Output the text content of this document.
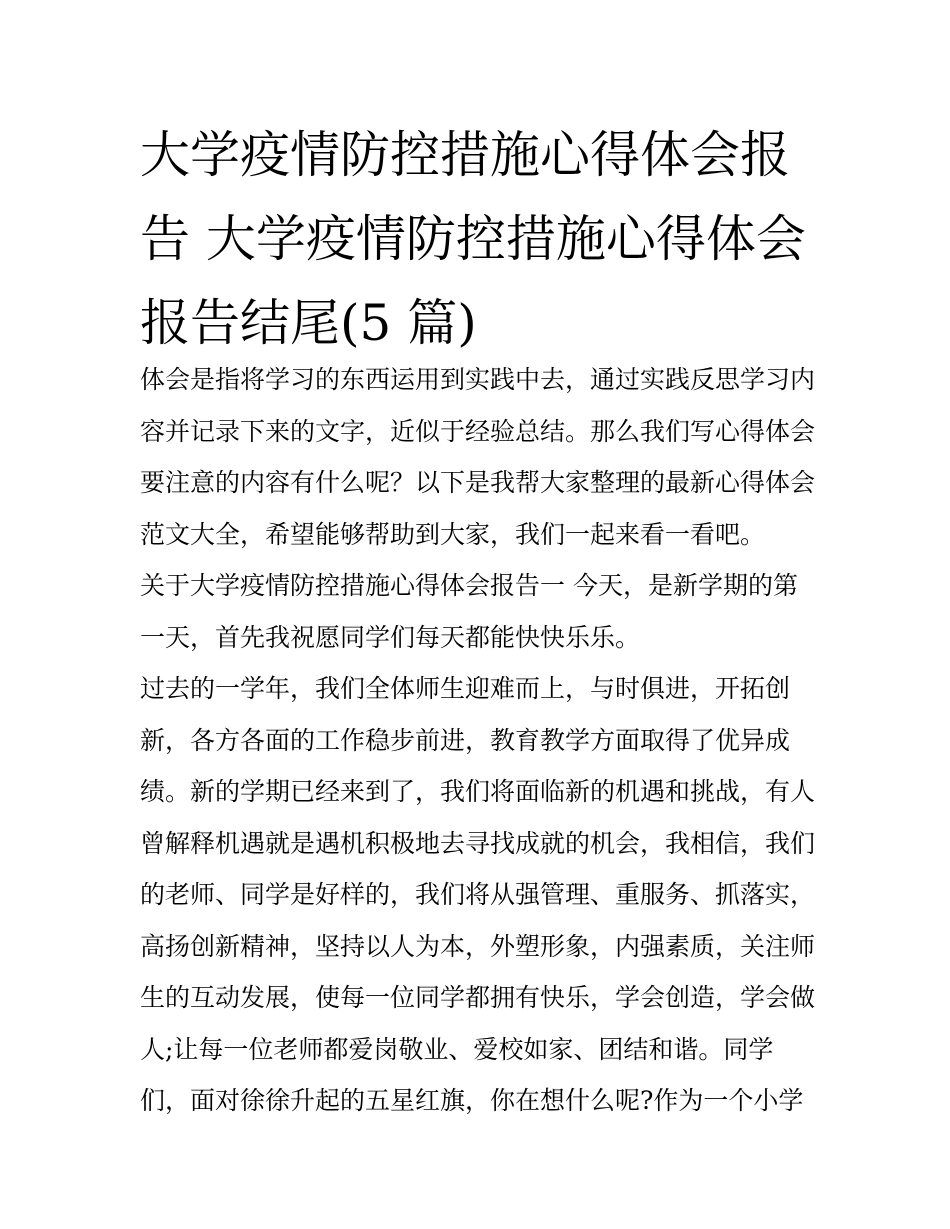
大学疫情防控措施心得体会报
告 大学疫情防控措施心得体会
报告结尾(5 篇)
体会是指将学习的东西运用到实践中去，通过实践反思学习内
容并记录下来的文字，近似于经验总结。那么我们写心得体会
要注意的内容有什么呢？以下是我帮大家整理的最新心得体会
范文大全，希望能够帮助到大家，我们一起来看一看吧。
关于大学疫情防控措施心得体会报告一 今天，是新学期的第
一天，首先我祝愿同学们每天都能快快乐乐。
过去的一学年，我们全体师生迎难而上，与时俱进，开拓创
新，各方各面的工作稳步前进，教育教学方面取得了优异成
绩。新的学期已经来到了，我们将面临新的机遇和挑战，有人
曾解释机遇就是遇机积极地去寻找成就的机会，我相信，我们
的老师、同学是好样的，我们将从强管理、重服务、抓落实，
高扬创新精神，坚持以人为本，外塑形象，内强素质，关注师
生的互动发展，使每一位同学都拥有快乐，学会创造，学会做
人;让每一位老师都爱岗敬业、爱校如家、团结和谐。同学
们，面对徐徐升起的五星红旗，你在想什么呢?作为一个小学
